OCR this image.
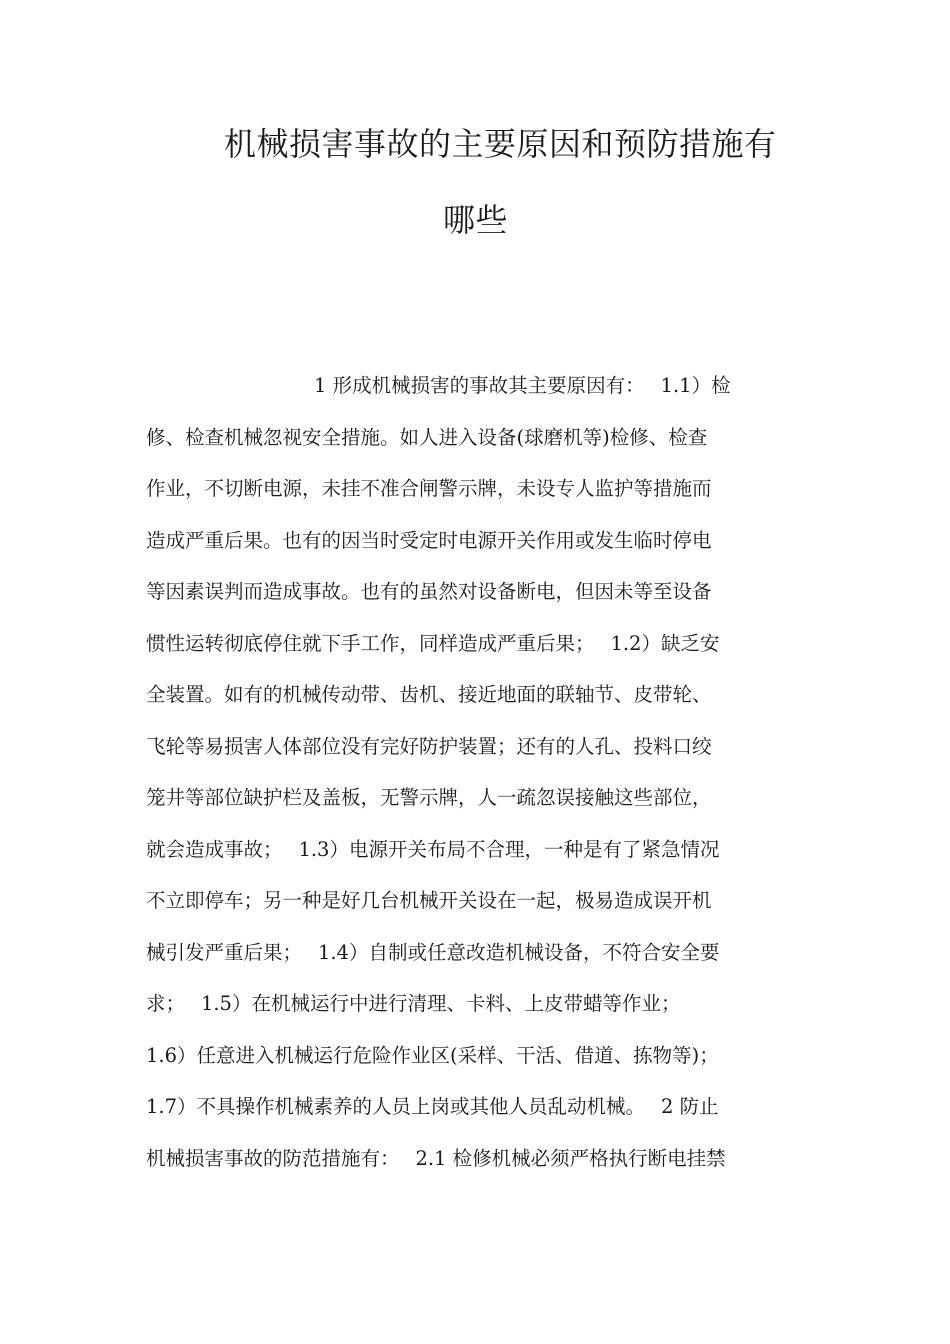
机械损害事故的主要原因和预防措施有
哪些
1 形成机械损害的事故其主要原因有：　 1.1）检
修、检查机械忽视安全措施。如人进入设备(球磨机等)检修、检查
作业，不切断电源，未挂不准合闸警示牌，未设专人监护等措施而
造成严重后果。也有的因当时受定时电源开关作用或发生临时停电
等因素误判而造成事故。也有的虽然对设备断电，但因未等至设备
惯性运转彻底停住就下手工作，同样造成严重后果；　 1.2）缺乏安
全装置。如有的机械传动带、齿机、接近地面的联轴节、皮带轮、
飞轮等易损害人体部位没有完好防护装置；还有的人孔、投料口绞
笼井等部位缺护栏及盖板，无警示牌，人一疏忽误接触这些部位，
就会造成事故；　 1.3）电源开关布局不合理，一种是有了紧急情况
不立即停车；另一种是好几台机械开关设在一起，极易造成误开机
械引发严重后果；　 1.4）自制或任意改造机械设备，不符合安全要
求；　 1.5）在机械运行中进行清理、卡料、上皮带蜡等作业；
1.6）任意进入机械运行危险作业区(采样、干活、借道、拣物等)；
1.7）不具操作机械素养的人员上岗或其他人员乱动机械。　 2 防止
机械损害事故的防范措施有：　 2.1 检修机械必须严格执行断电挂禁
